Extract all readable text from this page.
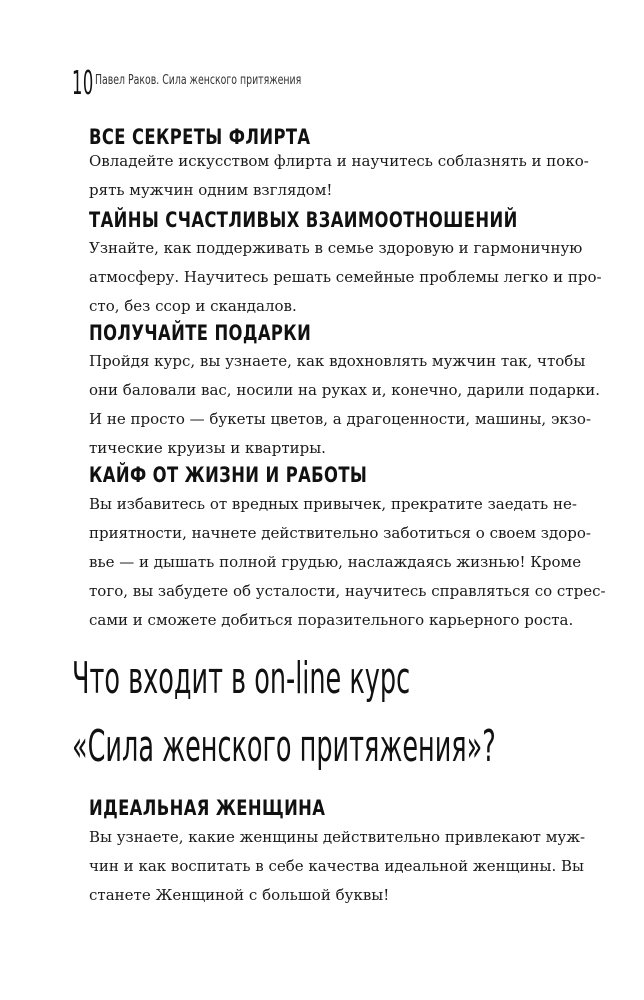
10 Павел Раков. Сила женского притяжения
ВСЕ СЕКРЕТЫ ФЛИРТА
Овладейте искусством флирта и научитесь соблазнять и поко-
рять мужчин одним взглядом!
ТАЙНЫ СЧАСТЛИВЫХ ВЗАИМООТНОШЕНИЙ
Узнайте, как поддерживать в семье здоровую и гармоничную
атмосферу. Научитесь решать семейные проблемы легко и про-
сто, без ссор и скандалов.
ПОЛУЧАЙТЕ ПОДАРКИ
Пройдя курс, вы узнаете, как вдохновлять мужчин так, чтобы
они баловали вас, носили на руках и, конечно, дарили подарки.
И не просто — букеты цветов, а драгоценности, машины, экзо-
тические круизы и квартиры.
КАЙФ ОТ ЖИЗНИ И РАБОТЫ
Вы избавитесь от вредных привычек, прекратите заедать не-
приятности, начнете действительно заботиться о своем здоро-
вье — и дышать полной грудью, наслаждаясь жизнью! Кроме
того, вы забудете об усталости, научитесь справляться со стрес-
сами и сможете добиться поразительного карьерного роста.
Что входит в on-line курс
«Сила женского притяжения»?
ИДЕАЛЬНАЯ ЖЕНЩИНА
Вы узнаете, какие женщины действительно привлекают муж-
чин и как воспитать в себе качества идеальной женщины. Вы
станете Женщиной с большой буквы!
